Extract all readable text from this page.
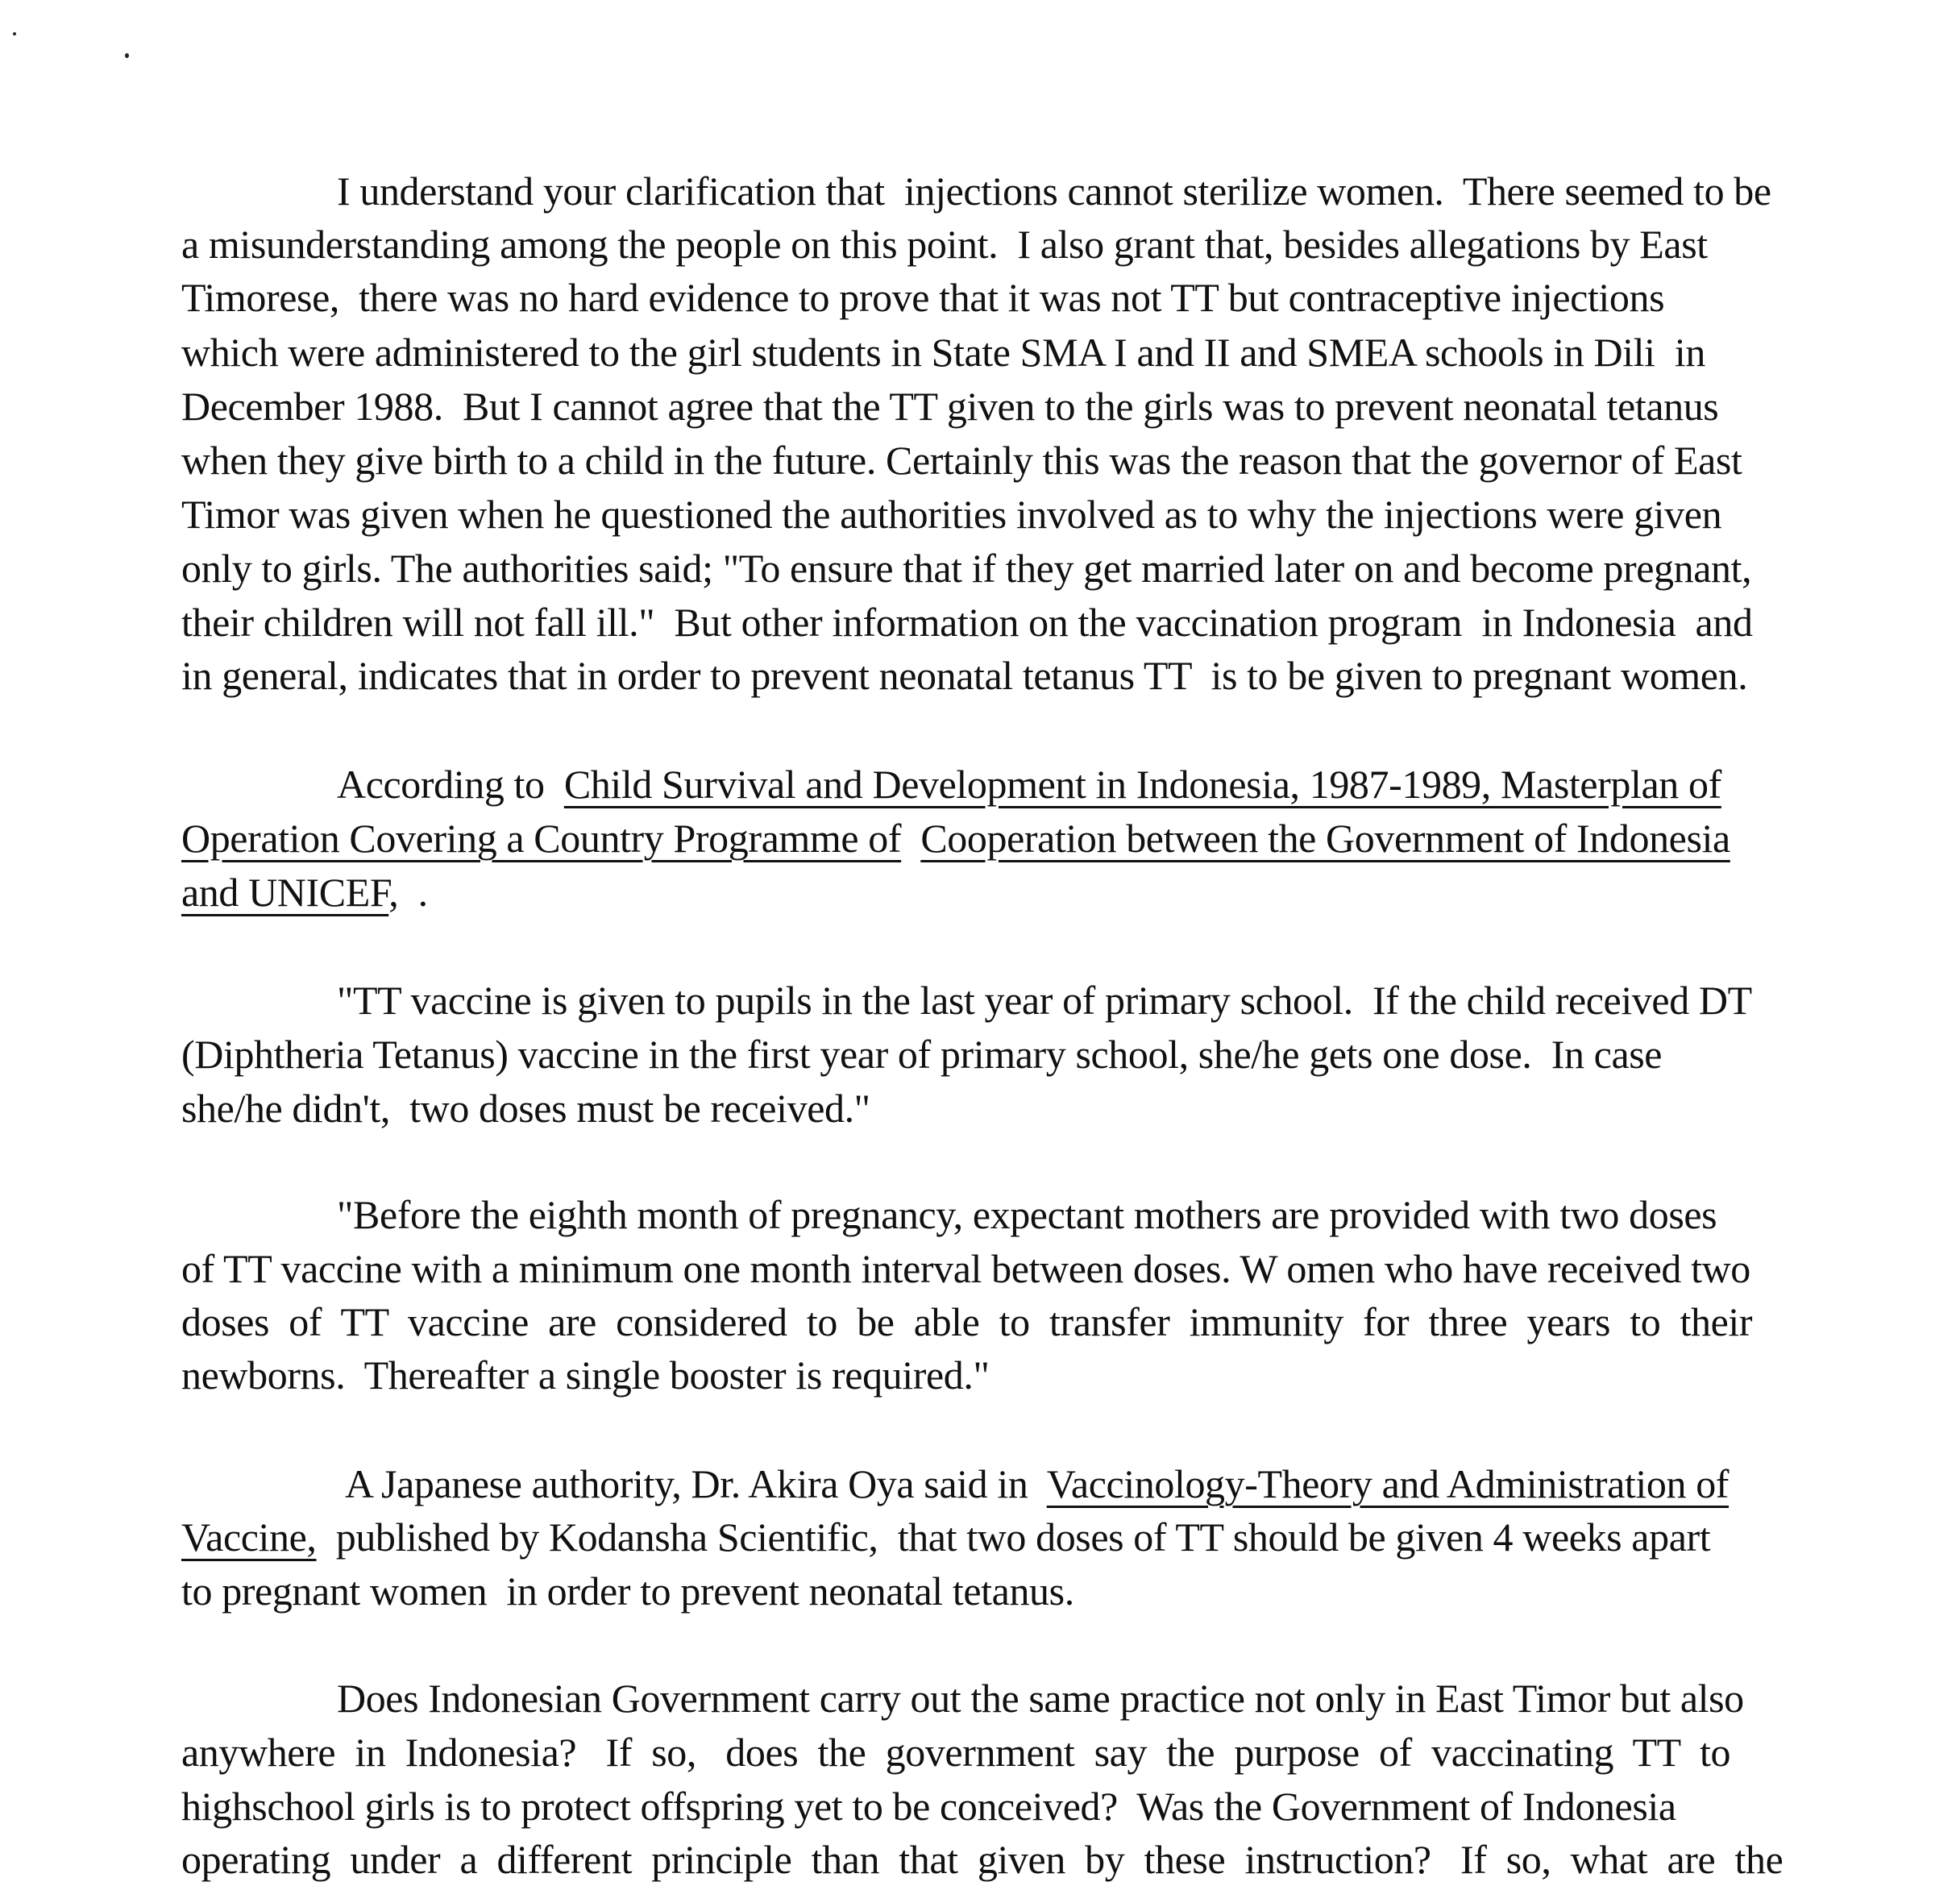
I understand your clarification that  injections cannot sterilize women.  There seemed to be
a misunderstanding among the people on this point.  I also grant that, besides allegations by East
Timorese,  there was no hard evidence to prove that it was not TT but contraceptive injections
which were administered to the girl students in State SMA I and II and SMEA schools in Dili  in
December 1988.  But I cannot agree that the TT given to the girls was to prevent neonatal tetanus
when they give birth to a child in the future. Certainly this was the reason that the governor of East
Timor was given when he questioned the authorities involved as to why the injections were given
only to girls. The authorities said; "To ensure that if they get married later on and become pregnant,
their children will not fall ill."  But other information on the vaccination program  in Indonesia  and
in general, indicates that in order to prevent neonatal tetanus TT  is to be given to pregnant women.
According to  Child Survival and Development in Indonesia, 1987-1989, Masterplan of
Operation Covering a Country Programme of Cooperation between the Government of Indonesia
and UNICEF,  .
"TT vaccine is given to pupils in the last year of primary school.  If the child received DT
(Diphtheria Tetanus) vaccine in the first year of primary school, she/he gets one dose.  In case
she/he didn't,  two doses must be received."
"Before the eighth month of pregnancy, expectant mothers are provided with two doses
of TT vaccine with a minimum one month interval between doses. W omen who have received two
doses  of  TT  vaccine  are  considered  to  be  able  to  transfer  immunity  for  three  years  to  their
newborns.  Thereafter a single booster is required."
A Japanese authority, Dr. Akira Oya said in  Vaccinology-Theory and Administration of
Vaccine,  published by Kodansha Scientific,  that two doses of TT should be given 4 weeks apart
to pregnant women  in order to prevent neonatal tetanus.
Does Indonesian Government carry out the same practice not only in East Timor but also
anywhere  in  Indonesia?   If  so,   does  the  government  say  the  purpose  of  vaccinating  TT  to
highschool girls is to protect offspring yet to be conceived?  Was the Government of Indonesia
operating  under  a  different  principle  than  that  given  by  these  instruction?   If  so,  what  are  the
